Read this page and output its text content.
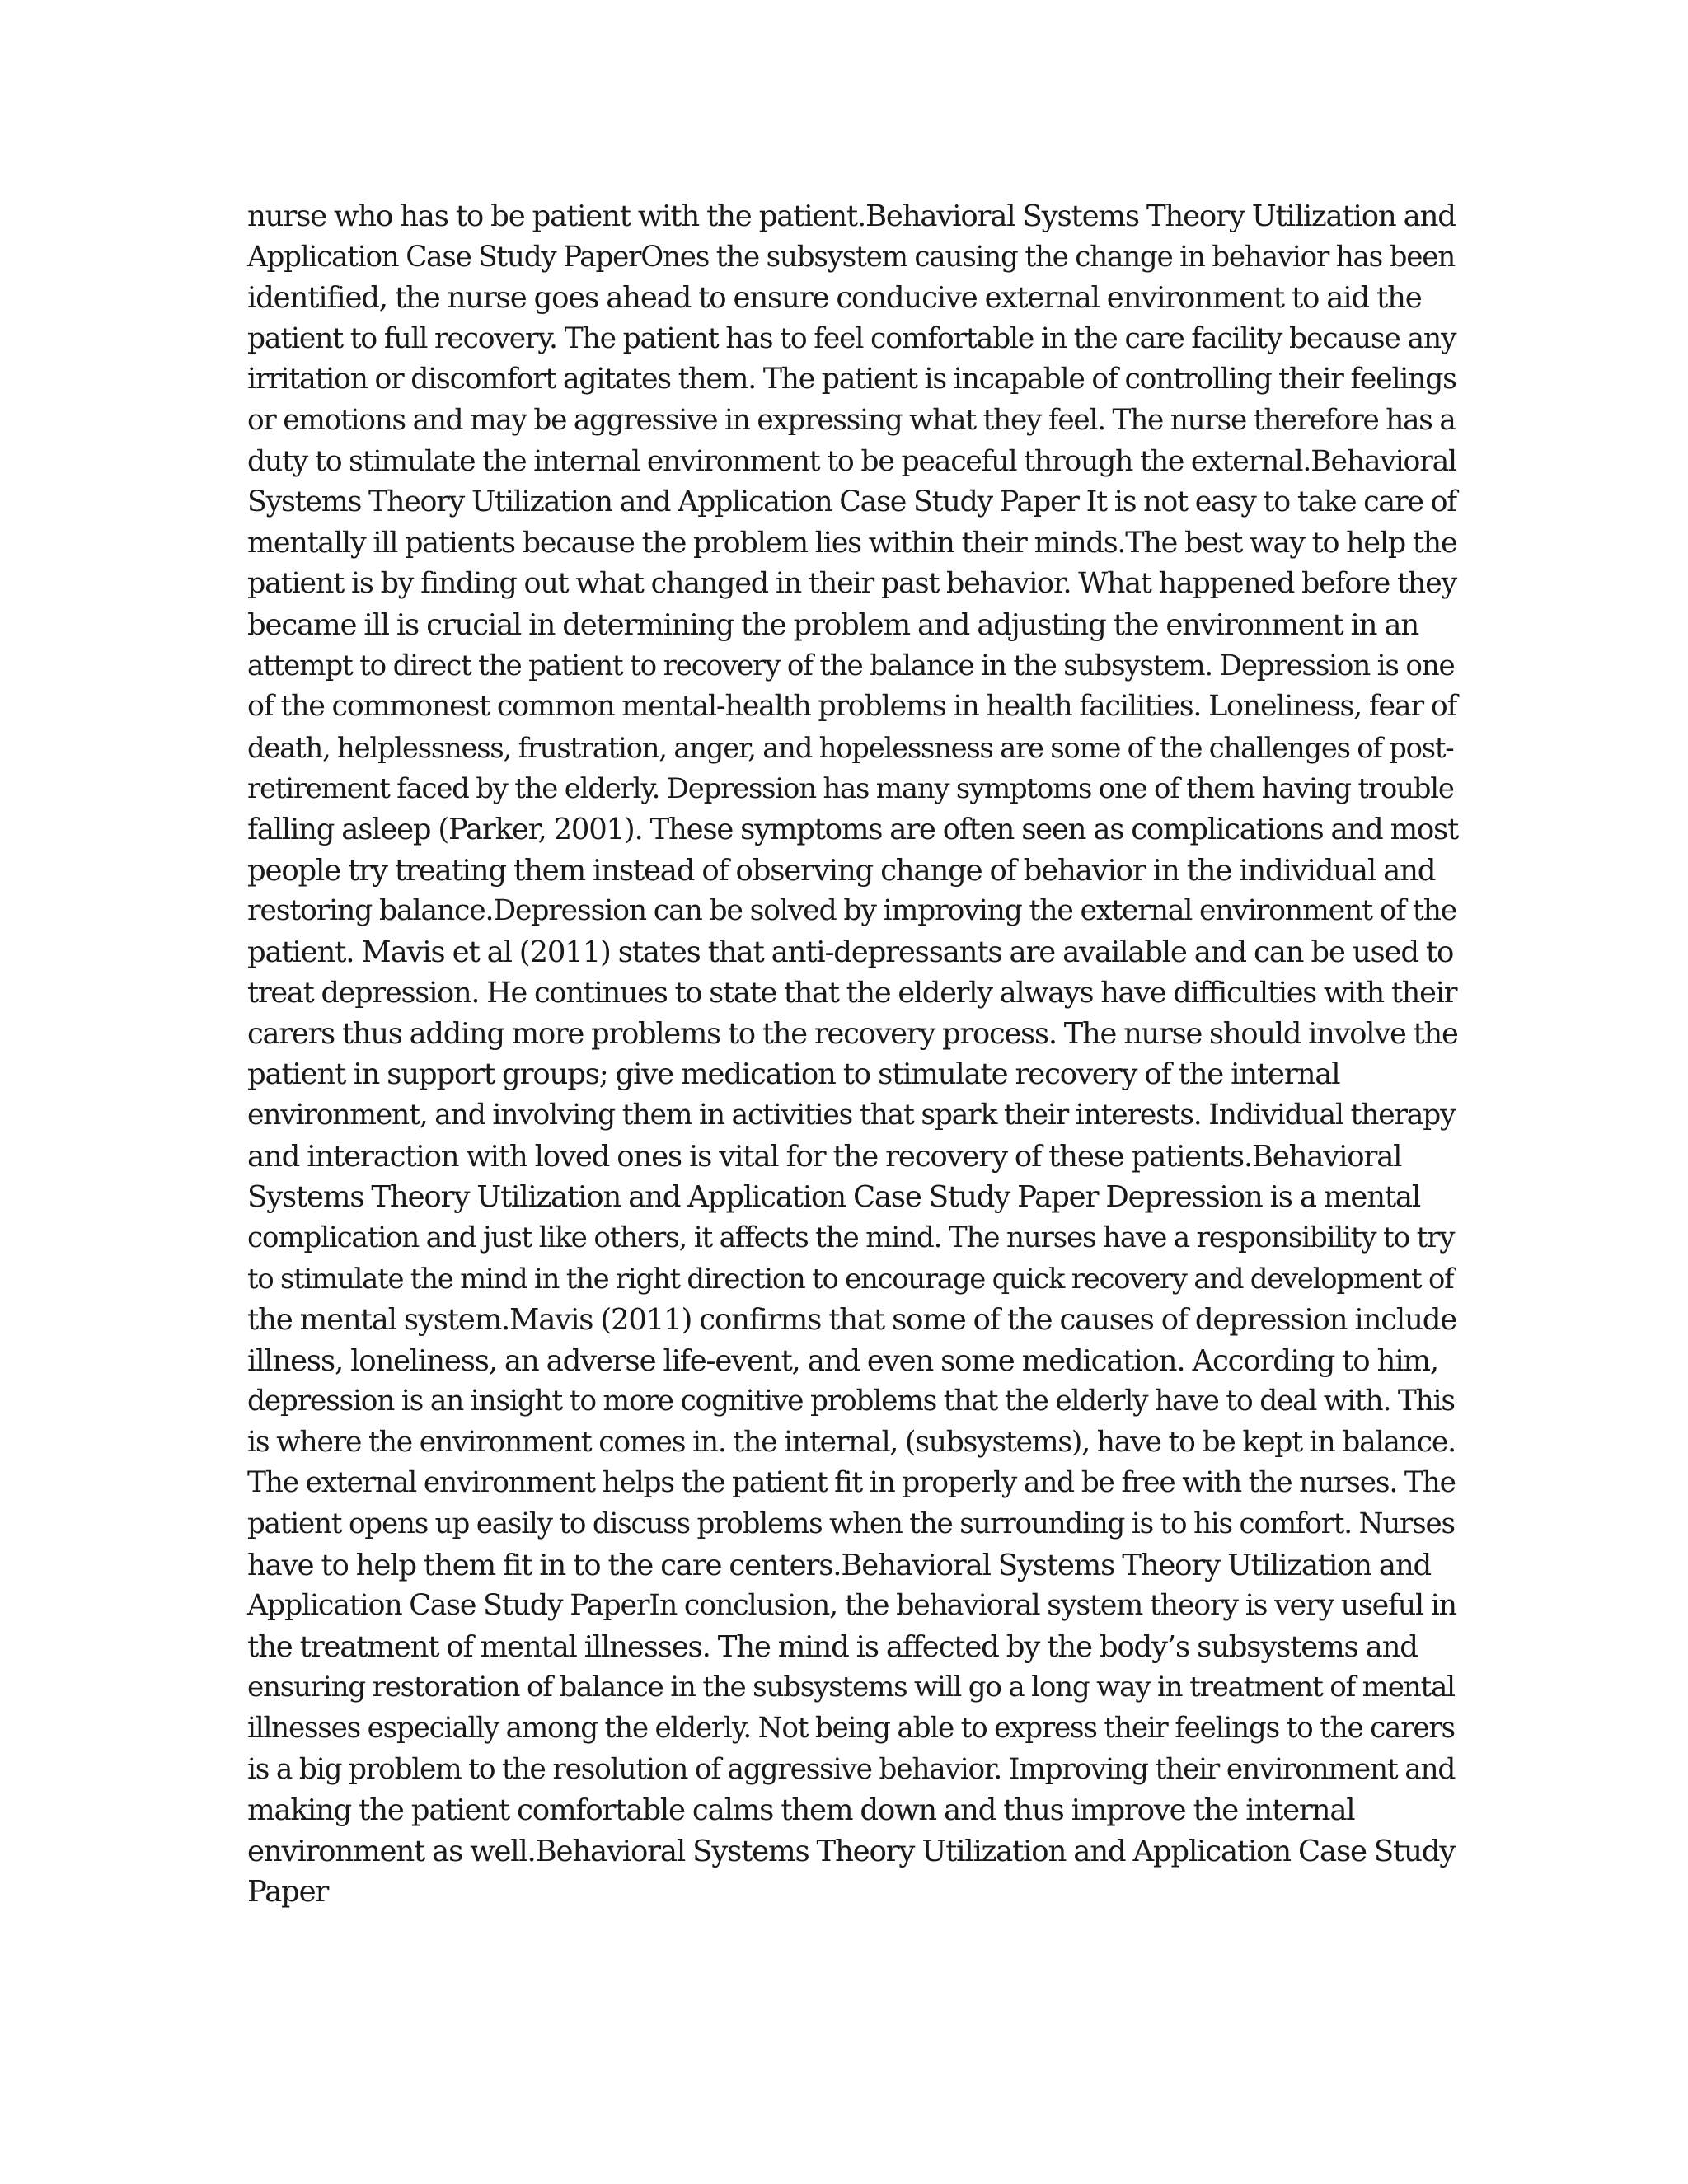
nurse who has to be patient with the patient.Behavioral Systems Theory Utilization and
Application Case Study PaperOnes the subsystem causing the change in behavior has been
identified, the nurse goes ahead to ensure conducive external environment to aid the
patient to full recovery. The patient has to feel comfortable in the care facility because any
irritation or discomfort agitates them. The patient is incapable of controlling their feelings
or emotions and may be aggressive in expressing what they feel. The nurse therefore has a
duty to stimulate the internal environment to be peaceful through the external.Behavioral
Systems Theory Utilization and Application Case Study Paper It is not easy to take care of
mentally ill patients because the problem lies within their minds.The best way to help the
patient is by finding out what changed in their past behavior. What happened before they
became ill is crucial in determining the problem and adjusting the environment in an
attempt to direct the patient to recovery of the balance in the subsystem. Depression is one
of the commonest common mental-health problems in health facilities. Loneliness, fear of
death, helplessness, frustration, anger, and hopelessness are some of the challenges of post-
retirement faced by the elderly. Depression has many symptoms one of them having trouble
falling asleep (Parker, 2001). These symptoms are often seen as complications and most
people try treating them instead of observing change of behavior in the individual and
restoring balance.Depression can be solved by improving the external environment of the
patient. Mavis et al (2011) states that anti-depressants are available and can be used to
treat depression. He continues to state that the elderly always have difficulties with their
carers thus adding more problems to the recovery process. The nurse should involve the
patient in support groups; give medication to stimulate recovery of the internal
environment, and involving them in activities that spark their interests. Individual therapy
and interaction with loved ones is vital for the recovery of these patients.Behavioral
Systems Theory Utilization and Application Case Study Paper Depression is a mental
complication and just like others, it affects the mind. The nurses have a responsibility to try
to stimulate the mind in the right direction to encourage quick recovery and development of
the mental system.Mavis (2011) confirms that some of the causes of depression include
illness, loneliness, an adverse life-event, and even some medication. According to him,
depression is an insight to more cognitive problems that the elderly have to deal with. This
is where the environment comes in. the internal, (subsystems), have to be kept in balance.
The external environment helps the patient fit in properly and be free with the nurses. The
patient opens up easily to discuss problems when the surrounding is to his comfort. Nurses
have to help them fit in to the care centers.Behavioral Systems Theory Utilization and
Application Case Study PaperIn conclusion, the behavioral system theory is very useful in
the treatment of mental illnesses. The mind is affected by the body’s subsystems and
ensuring restoration of balance in the subsystems will go a long way in treatment of mental
illnesses especially among the elderly. Not being able to express their feelings to the carers
is a big problem to the resolution of aggressive behavior. Improving their environment and
making the patient comfortable calms them down and thus improve the internal
environment as well.Behavioral Systems Theory Utilization and Application Case Study
Paper
